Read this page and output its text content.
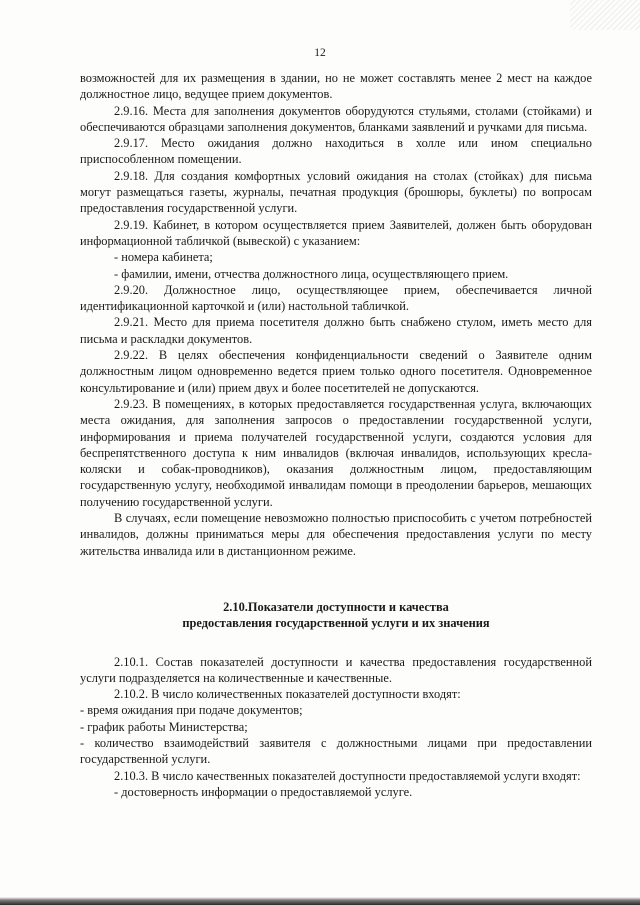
12

возможностей для их размещения в здании, но не может составлять менее 2 мест на каждое должностное лицо, ведущее прием документов.

2.9.16. Места для заполнения документов оборудуются стульями, столами (стойками) и обеспечиваются образцами заполнения документов, бланками заявлений и ручками для письма.

2.9.17. Место ожидания должно находиться в холле или ином специально приспособленном помещении.

2.9.18. Для создания комфортных условий ожидания на столах (стойках) для письма могут размещаться газеты, журналы, печатная продукция (брошюры, буклеты) по вопросам предоставления государственной услуги.

2.9.19. Кабинет, в котором осуществляется прием Заявителей, должен быть оборудован информационной табличкой (вывеской) с указанием:

- номера кабинета;

- фамилии, имени, отчества должностного лица, осуществляющего прием.

2.9.20. Должностное лицо, осуществляющее прием, обеспечивается личной идентификационной карточкой и (или) настольной табличкой.

2.9.21. Место для приема посетителя должно быть снабжено стулом, иметь место для письма и раскладки документов.

2.9.22. В целях обеспечения конфиденциальности сведений о Заявителе одним должностным лицом одновременно ведется прием только одного посетителя. Одновременное консультирование и (или) прием двух и более посетителей не допускаются.

2.9.23. В помещениях, в которых предоставляется государственная услуга, включающих места ожидания, для заполнения запросов о предоставлении государственной услуги, информирования и приема получателей государственной услуги, создаются условия для беспрепятственного доступа к ним инвалидов (включая инвалидов, использующих кресла-коляски и собак-проводников), оказания должностным лицом, предоставляющим государственную услугу, необходимой инвалидам помощи в преодолении барьеров, мешающих получению государственной услуги.

В случаях, если помещение невозможно полностью приспособить с учетом потребностей инвалидов, должны приниматься меры для обеспечения предоставления услуги по месту жительства инвалида или в дистанционном режиме.

2.10.Показатели доступности и качества

предоставления государственной услуги и их значения

2.10.1. Состав показателей доступности и качества предоставления государственной услуги подразделяется на количественные и качественные.

2.10.2. В число количественных показателей доступности входят:

- время ожидания при подаче документов;

- график работы Министерства;

- количество взаимодействий заявителя с должностными лицами при предоставлении государственной услуги.

2.10.3. В число качественных показателей доступности предоставляемой услуги входят:

- достоверность информации о предоставляемой услуге.
